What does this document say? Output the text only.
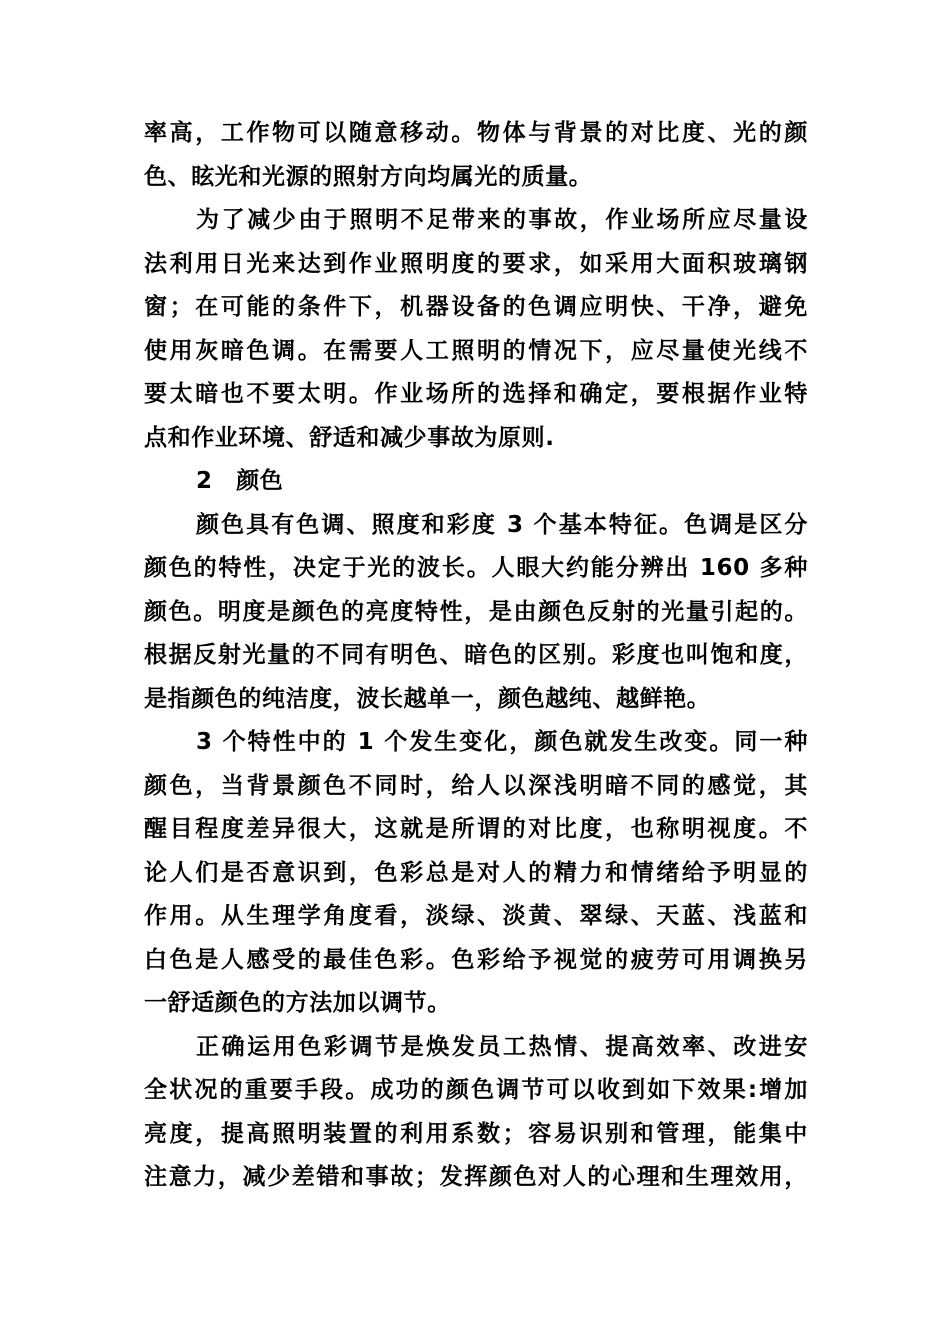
率高，工作物可以随意移动。物体与背景的对比度、光的颜
色、眩光和光源的照射方向均属光的质量。
为了减少由于照明不足带来的事故，作业场所应尽量设
法利用日光来达到作业照明度的要求，如采用大面积玻璃钢
窗；在可能的条件下，机器设备的色调应明快、干净，避免
使用灰暗色调。在需要人工照明的情况下，应尽量使光线不
要太暗也不要太明。作业场所的选择和确定，要根据作业特
点和作业环境、舒适和减少事故为原则.
2　颜色
颜色具有色调、照度和彩度 3 个基本特征。色调是区分
颜色的特性，决定于光的波长。人眼大约能分辨出 160 多种
颜色。明度是颜色的亮度特性，是由颜色反射的光量引起的。
根据反射光量的不同有明色、暗色的区别。彩度也叫饱和度，
是指颜色的纯洁度，波长越单一，颜色越纯、越鲜艳。
3 个特性中的 1 个发生变化，颜色就发生改变。同一种
颜色，当背景颜色不同时，给人以深浅明暗不同的感觉，其
醒目程度差异很大，这就是所谓的对比度，也称明视度。不
论人们是否意识到，色彩总是对人的精力和情绪给予明显的
作用。从生理学角度看，淡绿、淡黄、翠绿、天蓝、浅蓝和
白色是人感受的最佳色彩。色彩给予视觉的疲劳可用调换另
一舒适颜色的方法加以调节。
正确运用色彩调节是焕发员工热情、提高效率、改进安
全状况的重要手段。成功的颜色调节可以收到如下效果:增加
亮度，提高照明装置的利用系数；容易识别和管理，能集中
注意力，减少差错和事故；发挥颜色对人的心理和生理效用，
